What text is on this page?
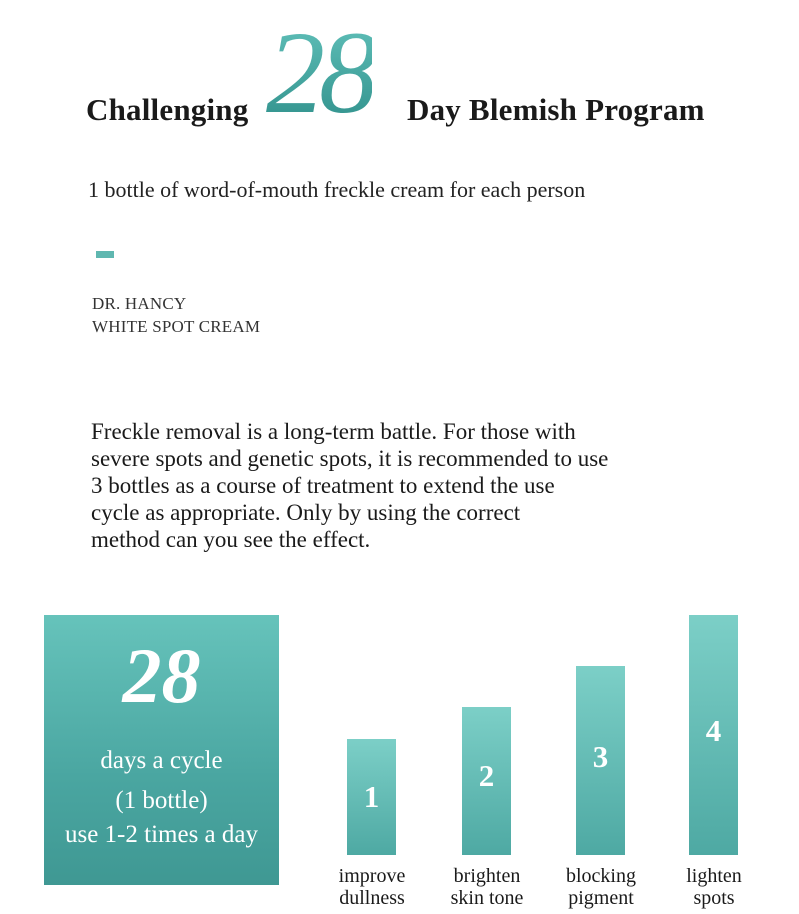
Challenging 28 Day Blemish Program
1 bottle of word-of-mouth freckle cream for each person
DR. HANCY
WHITE SPOT CREAM
Freckle removal is a long-term battle. For those with
severe spots and genetic spots, it is recommended to use
3 bottles as a course of treatment to extend the use
cycle as appropriate. Only by using the correct
method can you see the effect.
28
days a cycle
(1 bottle)
use 1-2 times a day
1
2
3
4
improve
dullness
brighten
skin tone
blocking
pigment
lighten
spots
